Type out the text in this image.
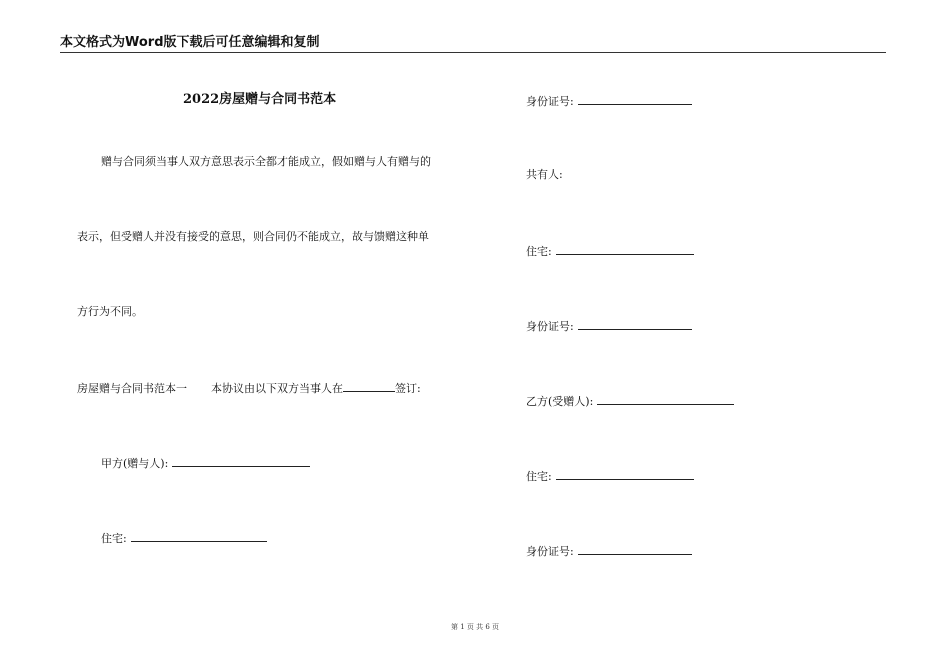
本文格式为Word版下载后可任意编辑和复制
2022房屋赠与合同书范本
赠与合同须当事人双方意思表示全都才能成立，假如赠与人有赠与的
表示，但受赠人并没有接受的意思，则合同仍不能成立，故与馈赠这种单
方行为不同。
房屋赠与合同书范本一 本协议由以下双方当事人在	签订:
甲方(赠与人):
住宅:
身份证号:
共有人:
住宅:
身份证号:
乙方(受赠人):
住宅:
身份证号:
第 1 页 共 6 页
